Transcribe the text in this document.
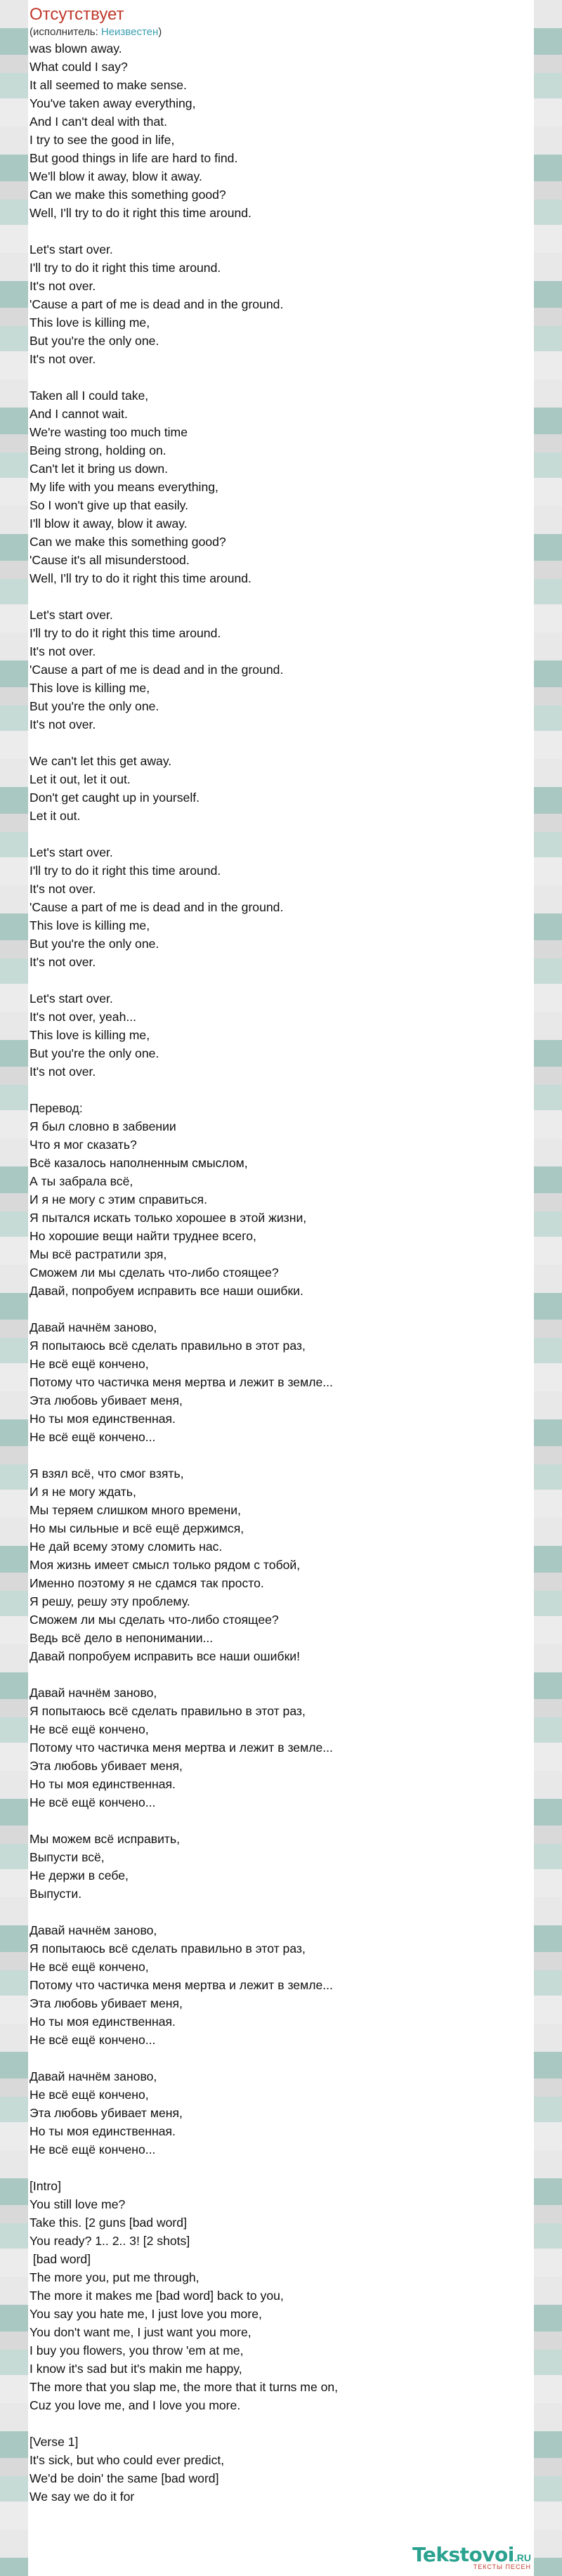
Отсутствует
(исполнитель: Неизвестен)
was blown away.
What could I say?
It all seemed to make sense.
You've taken away everything,
And I can't deal with that.
I try to see the good in life,
But good things in life are hard to find.
We'll blow it away, blow it away.
Can we make this something good?
Well, I'll try to do it right this time around.

Let's start over.
I'll try to do it right this time around.
It's not over.
'Cause a part of me is dead and in the ground.
This love is killing me,
But you're the only one.
It's not over.

Taken all I could take,
And I cannot wait.
We're wasting too much time
Being strong, holding on.
Can't let it bring us down.
My life with you means everything,
So I won't give up that easily.
I'll blow it away, blow it away.
Can we make this something good?
'Cause it's all misunderstood.
Well, I'll try to do it right this time around.

Let's start over.
I'll try to do it right this time around.
It's not over.
'Cause a part of me is dead and in the ground.
This love is killing me,
But you're the only one.
It's not over.

We can't let this get away.
Let it out, let it out.
Don't get caught up in yourself.
Let it out.

Let's start over.
I'll try to do it right this time around.
It's not over.
'Cause a part of me is dead and in the ground.
This love is killing me,
But you're the only one.
It's not over.

Let's start over.
It's not over, yeah...
This love is killing me,
But you're the only one.
It's not over.

Перевод:
Я был словно в забвении
Что я мог сказать?
Всё казалось наполненным смыслом,
А ты забрала всё,
И я не могу с этим справиться.
Я пытался искать только хорошее в этой жизни,
Но хорошие вещи найти труднее всего,
Мы всё растратили зря,
Сможем ли мы сделать что-либо стоящее?
Давай, попробуем исправить все наши ошибки.

Давай начнём заново,
Я попытаюсь всё сделать правильно в этот раз,
Не всё ещё кончено,
Потому что частичка меня мертва и лежит в земле...
Эта любовь убивает меня,
Но ты моя единственная.
Не всё ещё кончено...

Я взял всё, что смог взять,
И я не могу ждать,
Мы теряем слишком много времени,
Но мы сильные и всё ещё держимся,
Не дай всему этому сломить нас.
Моя жизнь имеет смысл только рядом с тобой,
Именно поэтому я не сдамся так просто.
Я решу, решу эту проблему.
Сможем ли мы сделать что-либо стоящее?
Ведь всё дело в непонимании...
Давай попробуем исправить все наши ошибки!

Давай начнём заново,
Я попытаюсь всё сделать правильно в этот раз,
Не всё ещё кончено,
Потому что частичка меня мертва и лежит в земле...
Эта любовь убивает меня,
Но ты моя единственная.
Не всё ещё кончено...

Мы можем всё исправить,
Выпусти всё,
Не держи в себе,
Выпусти.

Давай начнём заново,
Я попытаюсь всё сделать правильно в этот раз,
Не всё ещё кончено,
Потому что частичка меня мертва и лежит в земле...
Эта любовь убивает меня,
Но ты моя единственная.
Не всё ещё кончено...

Давай начнём заново,
Не всё ещё кончено,
Эта любовь убивает меня,
Но ты моя единственная.
Не всё ещё кончено...

[Intro]
You still love me?
Take this. [2 guns [bad word]
You ready? 1.. 2.. 3! [2 shots]
[bad word]
The more you, put me through,
The more it makes me [bad word] back to you,
You say you hate me, I just love you more,
You don't want me, I just want you more,
I buy you flowers, you throw 'em at me,
I know it's sad but it's makin me happy,
The more that you slap me, the more that it turns me on,
Cuz you love me, and I love you more.

[Verse 1]
It's sick, but who could ever predict,
We'd be doin' the same [bad word]
We say we do it for
Tekstovoi.RU
ТЕКСТЫ ПЕСЕН
